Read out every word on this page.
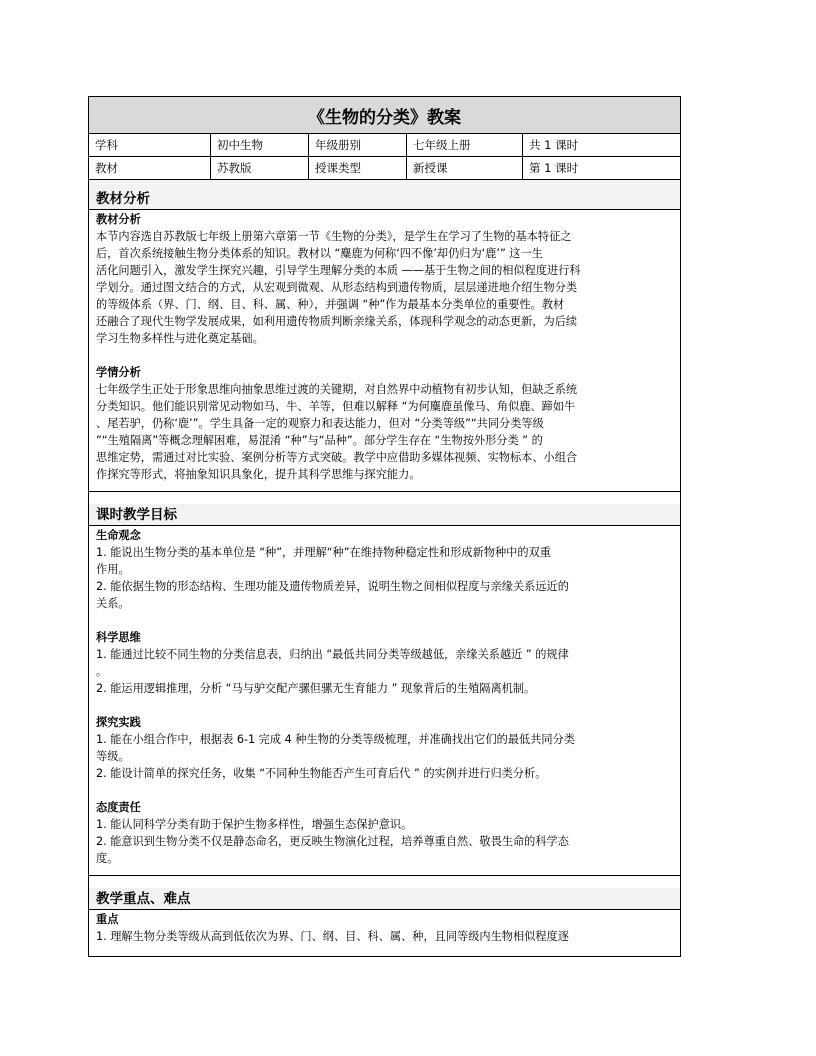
《生物的分类》教案
学科	初中生物	年级册别	七年级上册	共 1 课时
教材	苏教版	授课类型	新授课	第 1 课时
教材分析

教材分析

本节内容选自苏教版七年级上册第六章第一节《生物的分类》，是学生在学习了生物的基本特征之

后，首次系统接触生物分类体系的知识。教材以 “麋鹿为何称‘四不像’却仍归为‘鹿’” 这一生

活化问题引入，激发学生探究兴趣，引导学生理解分类的本质 ——基于生物之间的相似程度进行科

学划分。通过图文结合的方式，从宏观到微观、从形态结构到遗传物质，层层递进地介绍生物分类

的等级体系（界、门、纲、目、科、属、种），并强调 “种”作为最基本分类单位的重要性。教材

还融合了现代生物学发展成果，如利用遗传物质判断亲缘关系，体现科学观念的动态更新，为后续

学习生物多样性与进化奠定基础。

学情分析

七年级学生正处于形象思维向抽象思维过渡的关键期，对自然界中动植物有初步认知，但缺乏系统

分类知识。他们能识别常见动物如马、牛、羊等，但难以解释 “为何麋鹿虽像马、角似鹿、蹄如牛

、尾若驴，仍称‘鹿’”。学生具备一定的观察力和表达能力，但对 “分类等级”“共同分类等级

”“生殖隔离”等概念理解困难，易混淆 “种”与“品种”。部分学生存在 “生物按外形分类 ” 的

思维定势，需通过对比实验、案例分析等方式突破。教学中应借助多媒体视频、实物标本、小组合

作探究等形式，将抽象知识具象化，提升其科学思维与探究能力。

课时教学目标

生命观念

1. 能说出生物分类的基本单位是 “种”，并理解“种”在维持物种稳定性和形成新物种中的双重

作用。

2. 能依据生物的形态结构、生理功能及遗传物质差异，说明生物之间相似程度与亲缘关系远近的

关系。

科学思维

1. 能通过比较不同生物的分类信息表，归纳出 “最低共同分类等级越低，亲缘关系越近 ” 的规律

。

2. 能运用逻辑推理，分析 “马与驴交配产骡但骡无生育能力 ” 现象背后的生殖隔离机制。

探究实践

1. 能在小组合作中，根据表 6-1 完成 4 种生物的分类等级梳理，并准确找出它们的最低共同分类

等级。

2. 能设计简单的探究任务，收集 “不同种生物能否产生可育后代 ” 的实例并进行归类分析。

态度责任

1. 能认同科学分类有助于保护生物多样性，增强生态保护意识。

2. 能意识到生物分类不仅是静态命名，更反映生物演化过程，培养尊重自然、敬畏生命的科学态

度。

教学重点、难点

重点

1. 理解生物分类等级从高到低依次为界、门、纲、目、科、属、种，且同等级内生物相似程度逐
